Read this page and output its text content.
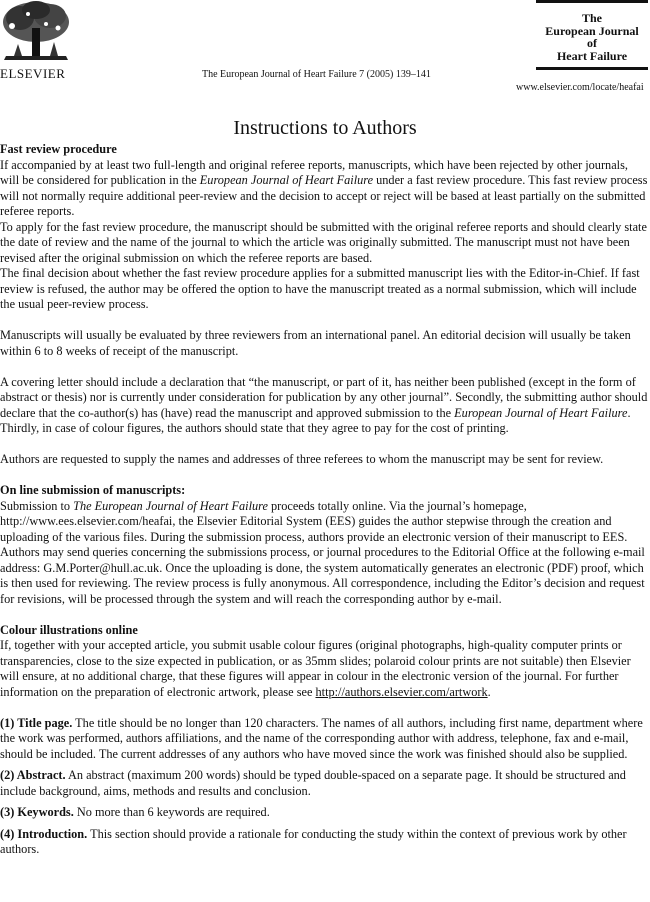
ELSEVIER	The European Journal of Heart Failure 7 (2005) 139–141
The
European Journal
of
Heart Failure
www.elsevier.com/locate/heafai
Instructions to Authors
Fast review procedure

If accompanied by at least two full-length and original referee reports, manuscripts, which have been rejected by other journals, will be considered for publication in the European Journal of Heart Failure under a fast review procedure. This fast review process will not normally require additional peer-review and the decision to accept or reject will be based at least partially on the submitted referee reports.

To apply for the fast review procedure, the manuscript should be submitted with the original referee reports and should clearly state the date of review and the name of the journal to which the article was originally submitted. The manuscript must not have been revised after the original submission on which the referee reports are based.

The final decision about whether the fast review procedure applies for a submitted manuscript lies with the Editor-in-Chief. If fast review is refused, the author may be offered the option to have the manuscript treated as a normal submission, which will include the usual peer-review process.

Manuscripts will usually be evaluated by three reviewers from an international panel. An editorial decision will usually be taken within 6 to 8 weeks of receipt of the manuscript.

A covering letter should include a declaration that “the manuscript, or part of it, has neither been published (except in the form of abstract or thesis) nor is currently under consideration for publication by any other journal”. Secondly, the submitting author should declare that the co-author(s) has (have) read the manuscript and approved submission to the European Journal of Heart Failure. Thirdly, in case of colour figures, the authors should state that they agree to pay for the cost of printing.

Authors are requested to supply the names and addresses of three referees to whom the manuscript may be sent for review.

On line submission of manuscripts:

Submission to The European Journal of Heart Failure proceeds totally online. Via the journal’s homepage, http://www.ees.elsevier.com/heafai, the Elsevier Editorial System (EES) guides the author stepwise through the creation and uploading of the various files. During the submission process, authors provide an electronic version of their manuscript to EES. Authors may send queries concerning the submissions process, or journal procedures to the Editorial Office at the following e-mail address: G.M.Porter@hull.ac.uk. Once the uploading is done, the system automatically generates an electronic (PDF) proof, which is then used for reviewing. The review process is fully anonymous. All correspondence, including the Editor’s decision and request for revisions, will be processed through the system and will reach the corresponding author by e-mail.

Colour illustrations online

If, together with your accepted article, you submit usable colour figures (original photographs, high-quality computer prints or transparencies, close to the size expected in publication, or as 35mm slides; polaroid colour prints are not suitable) then Elsevier will ensure, at no additional charge, that these figures will appear in colour in the electronic version of the journal. For further information on the preparation of electronic artwork, please see http://authors.elsevier.com/artwork.

(1) Title page. The title should be no longer than 120 characters. The names of all authors, including first name, department where the work was performed, authors affiliations, and the name of the corresponding author with address, telephone, fax and e-mail, should be included. The current addresses of any authors who have moved since the work was finished should also be supplied.

(2) Abstract. An abstract (maximum 200 words) should be typed double-spaced on a separate page. It should be structured and include background, aims, methods and results and conclusion.

(3) Keywords. No more than 6 keywords are required.

(4) Introduction. This section should provide a rationale for conducting the study within the context of previous work by other authors.
